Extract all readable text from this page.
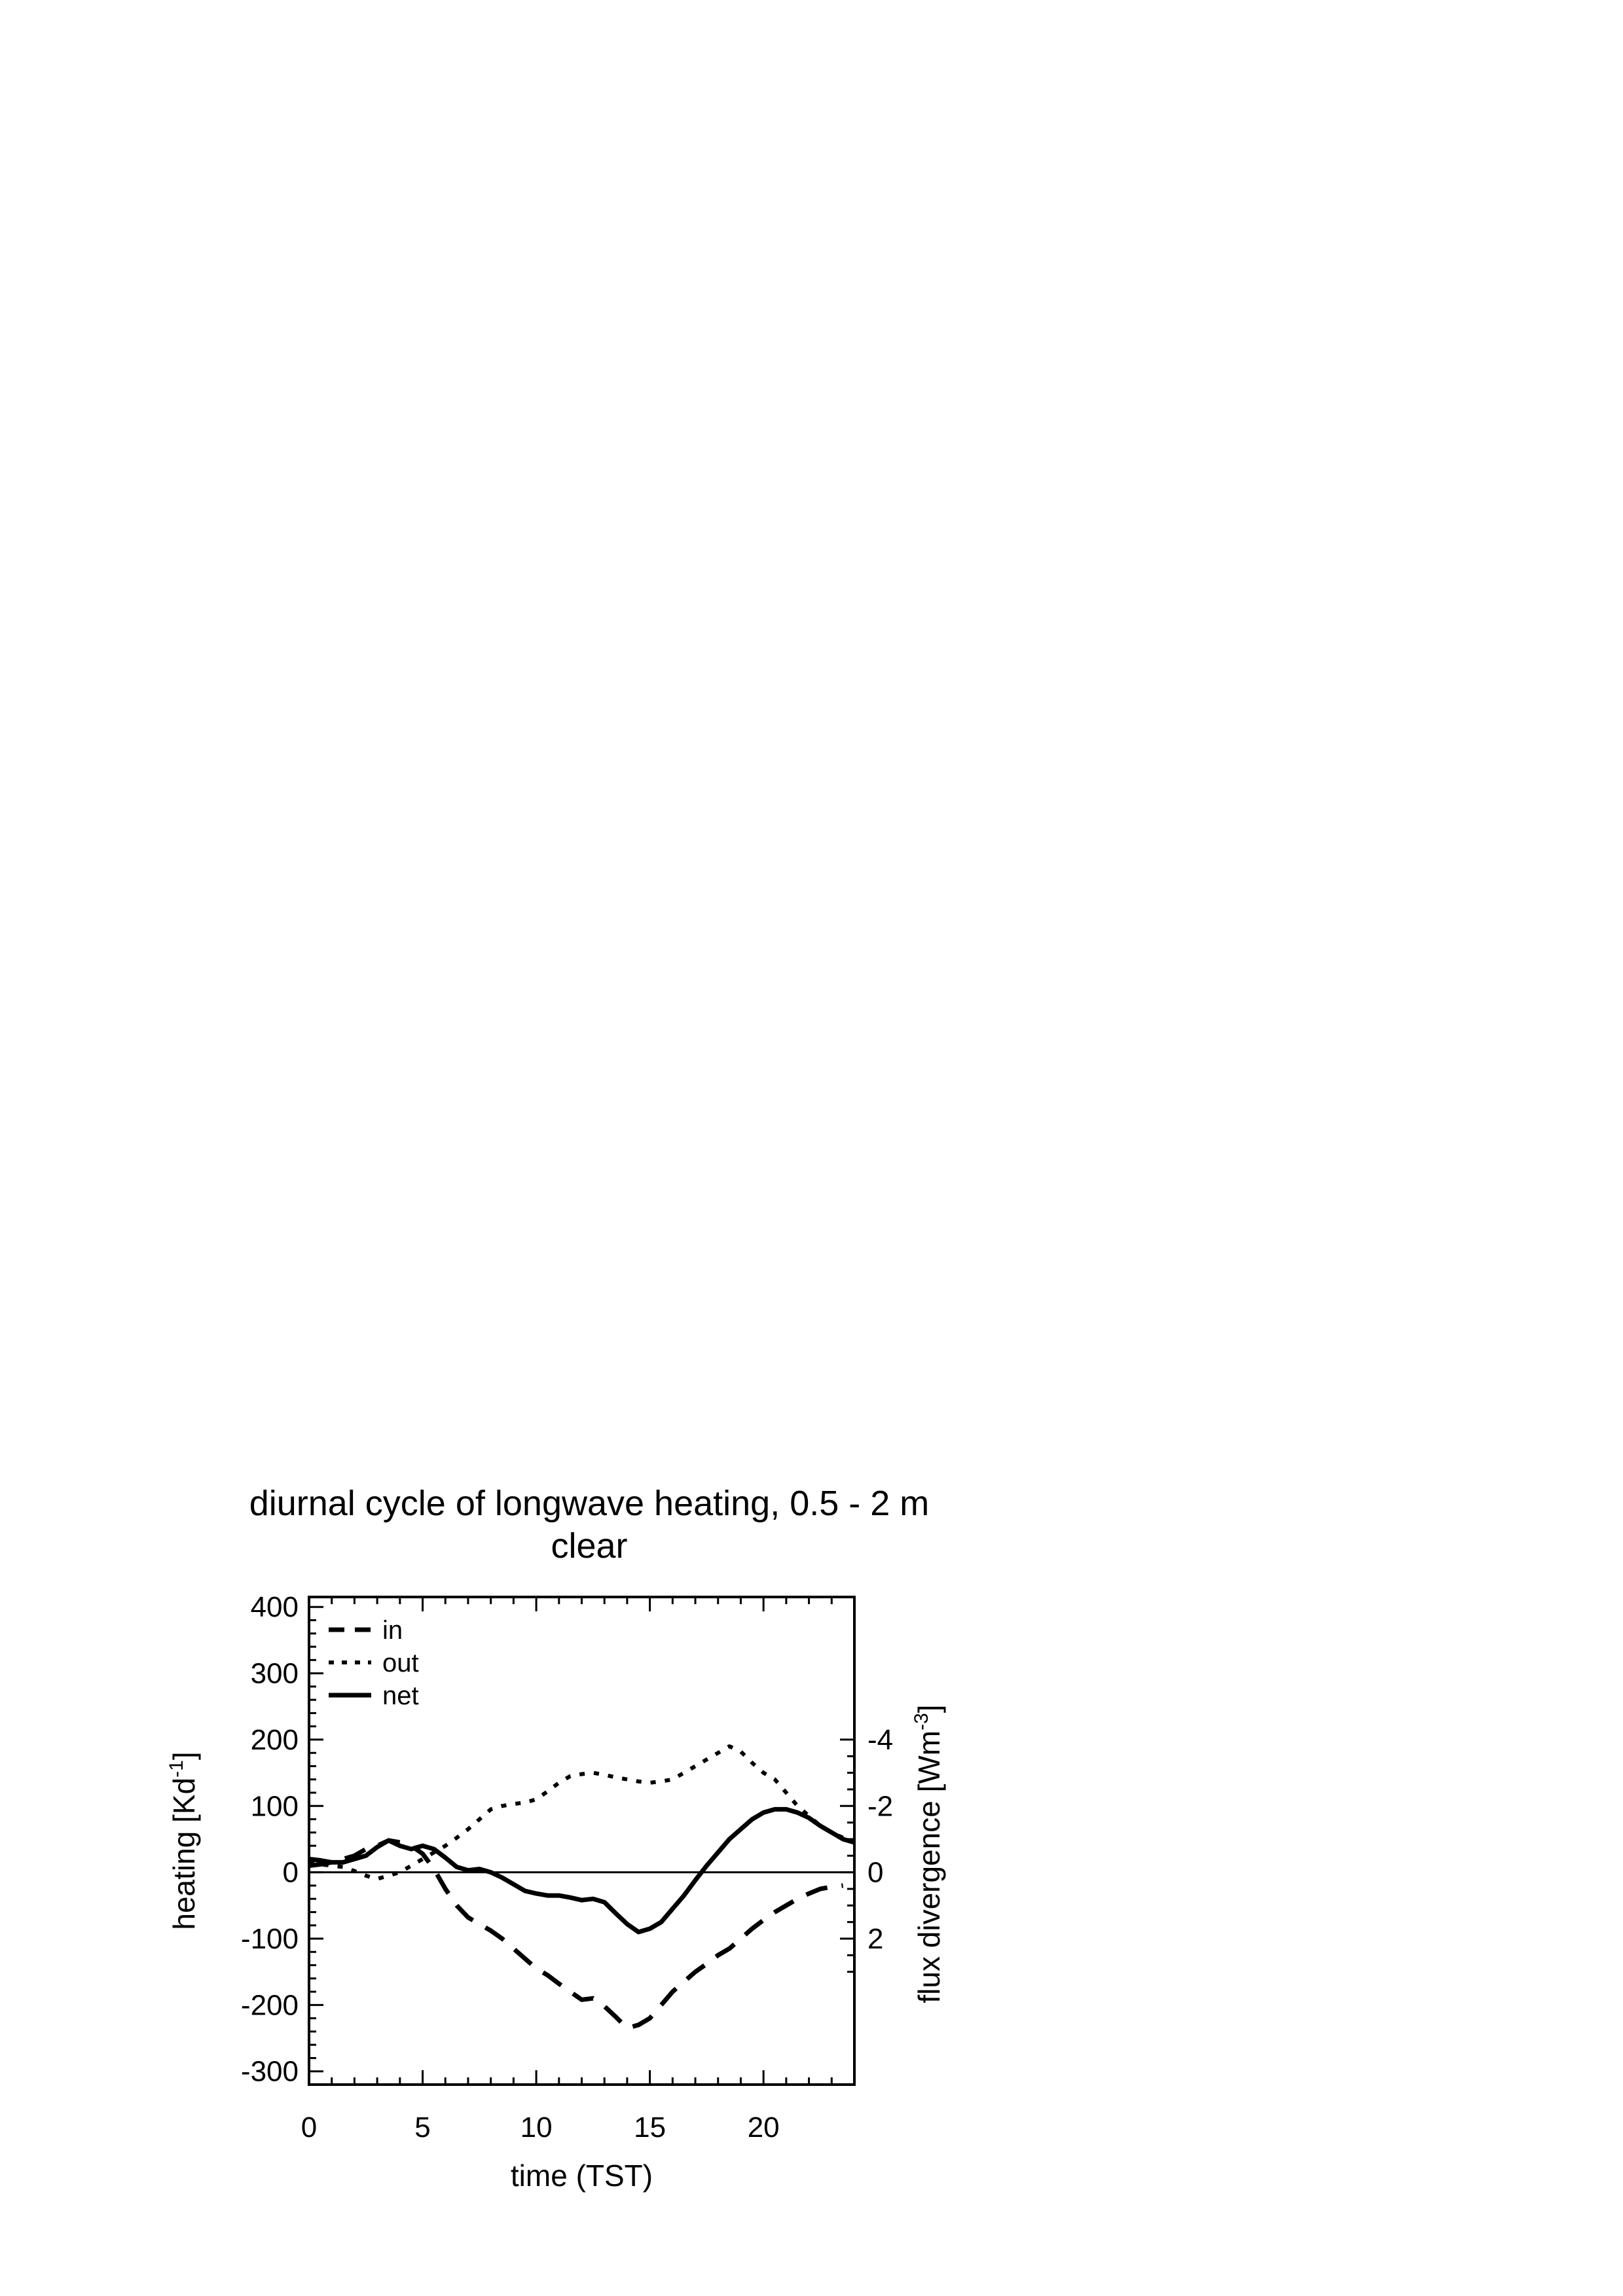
diurnal cycle of longwave heating, 0.5 - 2 m
clear
0	5	10	15	20
-300
-200
-100
0
100
200
300
400
-4
-2
0
2
time (TST)
heating $[Kd^{-1}]$	flux divergence $[Wm^{-3}]$
in
out
net
